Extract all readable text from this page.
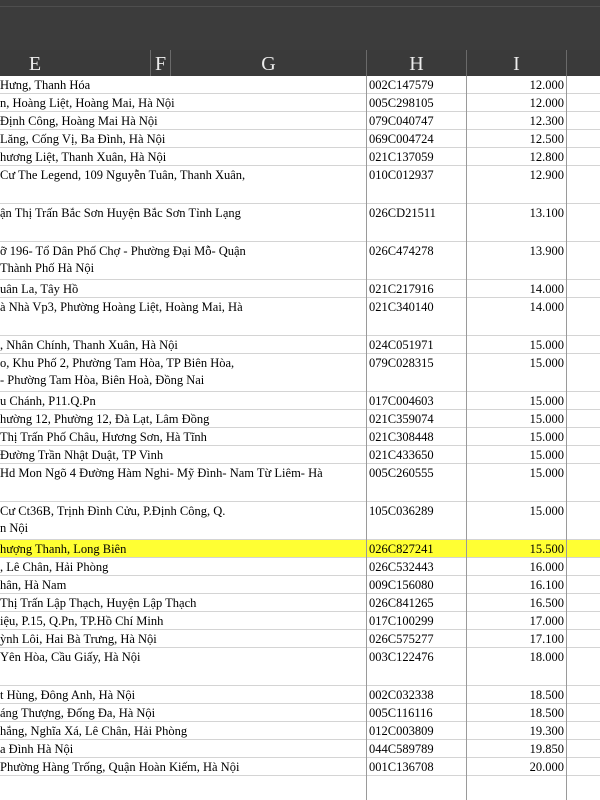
E	F	G	H	I
Hưng, Thanh Hóa	002C147579	12.000
n, Hoàng Liệt, Hoàng Mai, Hà Nội	005C298105	12.000
Định Công, Hoàng Mai Hà Nội	079C040747	12.300
Lăng, Cống Vị, Ba Đình, Hà Nội	069C004724	12.500
hương Liệt, Thanh Xuân, Hà Nội	021C137059	12.800
Cư The Legend, 109 Nguyễn Tuân, Thanh Xuân,	010C012937	12.900
ận Thị Trấn Bắc Sơn Huyện Bắc Sơn Tỉnh Lạng	026CD21511	13.100
ỡ 196- Tổ Dân Phố Chợ - Phường Đại Mỗ- Quận
Thành Phố Hà Nội
026C474278	13.900
uân La, Tây Hồ	021C217916	14.000
à Nhà Vp3, Phường Hoàng Liệt, Hoàng Mai, Hà	021C340140	14.000
, Nhân Chính, Thanh Xuân, Hà Nội	024C051971	15.000
o, Khu Phố 2, Phường Tam Hòa, TP Biên Hòa,
- Phường Tam Hòa, Biên Hoà, Đồng Nai
079C028315	15.000
u Chánh, P11.Q.Pn	017C004603	15.000
hường 12, Phường 12, Đà Lạt, Lâm Đồng	021C359074	15.000
Thị Trấn Phố Châu, Hương Sơn, Hà Tĩnh	021C308448	15.000
Đường Trần Nhật Duật, TP Vinh	021C433650	15.000
Hd Mon Ngõ 4 Đường Hàm Nghi- Mỹ Đình- Nam Từ Liêm- Hà	005C260555	15.000
Cư Ct36B, Trịnh Đình Cửu, P.Định Công, Q.
n Nội
105C036289	15.000
hượng Thanh, Long Biên	026C827241	15.500
, Lê Chân, Hải Phòng	026C532443	16.000
hân, Hà Nam	009C156080	16.100
Thị Trấn Lập Thạch, Huyện Lập Thạch	026C841265	16.500
iệu, P.15, Q.Pn, TP.Hồ Chí Minh	017C100299	17.000
ỳnh Lôi, Hai Bà Trưng, Hà Nội	026C575277	17.100
Yên Hòa, Cầu Giấy, Hà Nội	003C122476	18.000
t Hùng, Đông Anh, Hà Nội	002C032338	18.500
áng Thượng, Đống Đa, Hà Nội	005C116116	18.500
hắng, Nghĩa Xá, Lê Chân, Hải Phòng	012C003809	19.300
a Đình Hà Nội	044C589789	19.850
Phường Hàng Trống, Quận Hoàn Kiếm, Hà Nội	001C136708	20.000
